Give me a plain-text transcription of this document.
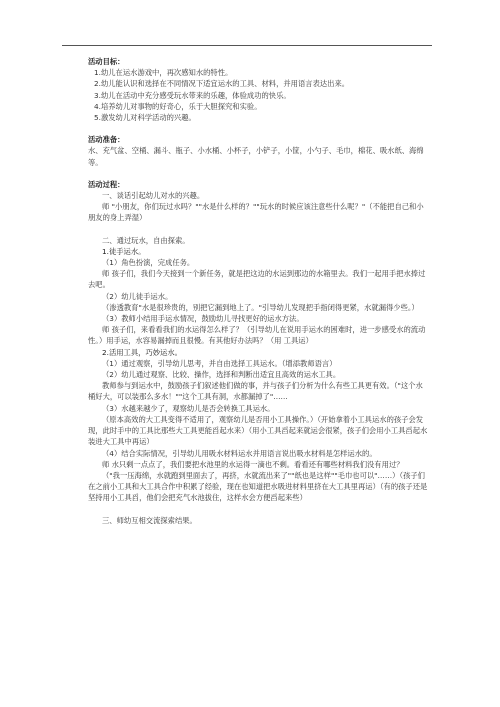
活动目标：

1.幼儿在运水游戏中，再次感知水的特性。

2.幼儿能认识和选择在不同情况下适宜运水的工具、材料，并用语言表达出来。

3.幼儿在活动中充分感受玩水带来的乐趣，体验成功的快乐。

4.培养幼儿对事物的好奇心，乐于大胆探究和实验。

5.激发幼儿对科学活动的兴趣。

活动准备：

水、充气盆、空桶、漏斗、瓶子、小水桶、小杯子，小铲子，小筐，小勺子、毛巾，棉花、吸水纸、海绵等。

活动过程：

一、谈话引起幼儿对水的兴趣。

师 "小朋友，你们玩过水吗？""水是什么样的？""玩水的时候应该注意些什么呢？"（不能把自己和小朋友的身上弄湿）

二、通过玩水，自由探索。

1.徒手运水。

（1）角色扮演，完成任务。

师 孩子们，我们今天接到一个新任务，就是把这边的水运到那边的水箱里去。我们一起用手把水捧过去吧。

（2）幼儿徒手运水。

（渗透教育"水是很珍贵的，别把它漏到地上了。"引导幼儿发现把手指闭得更紧，水就漏得少些。）

（3）教师小结用手运水情况，鼓励幼儿寻找更好的运水方法。

师 孩子们，来看看我们的水运得怎么样了？（引导幼儿在说用手运水的困难时，进一步感受水的流动性。）用手运，水容易漏掉而且很慢。有其他好办法吗？（用 工具运）

2.活用工具，巧妙运水。

（1）通过观察，引导幼儿思考，并自由选择工具运水。（增添教师语言）

（2）幼儿通过观察、比较、操作，选择和判断出适宜且高效的运水工具。

教师参与到运水中，鼓励孩子们叙述他们做的事，并与孩子们分析为什么有些工具更有效。（"这个水桶好大，可以装那么多水！""这个工具有洞，水都漏掉了"……

（3）水越来越少了，观察幼儿是否会转换工具运水。

（原本高效的大工具变得不适用了，观察幼儿是否用小工具操作。）（开始拿着小工具运水的孩子会发现，此时手中的工具比那些大工具更能舀起水来）（用小工具舀起来就运会很紧，孩子们会用小工具舀起水装进大工具中再运）

（4）结合实际情况，引导幼儿用吸水材料运水并用语言说出吸水材料是怎样运水的。

师 水只剩一点点了，我们要把水池里的水运得一滴也不剩。看看还有哪些材料我们没有用过？

（"我一压海绵，水就跑到里面去了，再挤，水就流出来了""纸也是这样""毛巾也可以"……）（孩子们在之前小工具和大工具合作中积累了经验，现在也知道把水吸进材料里挤在大工具里再运）（有的孩子还是坚持用小工具舀，他们会把充气水池拔住，这样水会方便舀起来些）

三、师幼互相交流探索结果。
